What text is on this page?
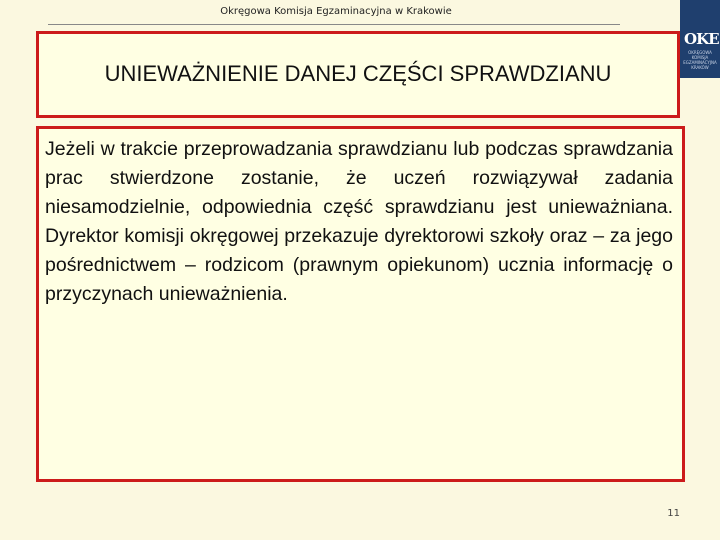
Okręgowa Komisja Egzaminacyjna w Krakowie
OKE
OKRĘGOWA KOMISJA EGZAMINACYJNA KRAKÓW
UNIEWAŻNIENIE DANEJ CZĘŚCI SPRAWDZIANU

Jeżeli w trakcie przeprowadzania sprawdzianu lub podczas sprawdzania prac stwierdzone zostanie, że uczeń rozwiązywał zadania niesamodzielnie, odpowiednia część sprawdzianu jest unieważniana. Dyrektor komisji okręgowej przekazuje dyrektorowi szkoły oraz – za jego pośrednictwem – rodzicom (prawnym opiekunom) ucznia informację o przyczynach unieważnienia.

11
